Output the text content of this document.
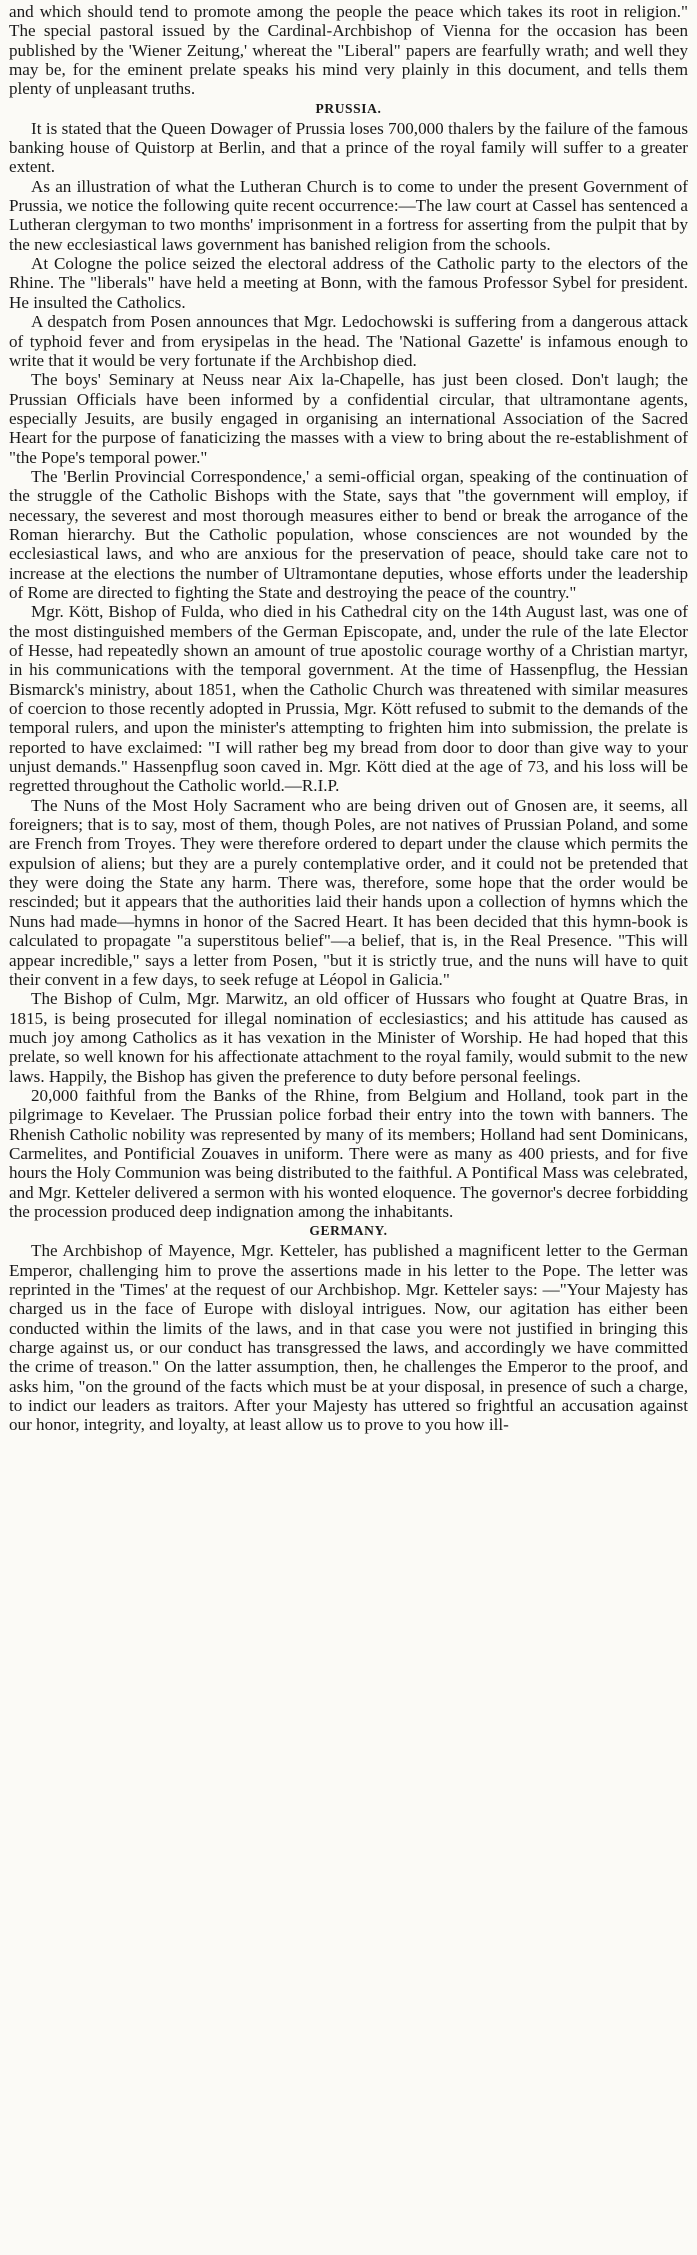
and which should tend to promote among the people the peace which takes its root in religion." The special pastoral issued by the Cardinal-Archbishop of Vienna for the occasion has been published by the 'Wiener Zeitung,' whereat the "Liberal" papers are fearfully wrath; and well they may be, for the eminent prelate speaks his mind very plainly in this document, and tells them plenty of unpleasant truths.

PRUSSIA.

It is stated that the Queen Dowager of Prussia loses 700,000 thalers by the failure of the famous banking house of Quistorp at Berlin, and that a prince of the royal family will suffer to a greater extent.

As an illustration of what the Lutheran Church is to come to under the present Government of Prussia, we notice the following quite recent occurrence:—The law court at Cassel has sentenced a Lutheran clergyman to two months' imprisonment in a fortress for asserting from the pulpit that by the new ecclesiastical laws government has banished religion from the schools.

At Cologne the police seized the electoral address of the Catholic party to the electors of the Rhine. The "liberals" have held a meeting at Bonn, with the famous Professor Sybel for president. He insulted the Catholics.

A despatch from Posen announces that Mgr. Ledochowski is suffering from a dangerous attack of typhoid fever and from erysipelas in the head. The 'National Gazette' is infamous enough to write that it would be very fortunate if the Archbishop died.

The boys' Seminary at Neuss near Aix la-Chapelle, has just been closed. Don't laugh; the Prussian Officials have been informed by a confidential circular, that ultramontane agents, especially Jesuits, are busily engaged in organising an international Association of the Sacred Heart for the purpose of fanaticizing the masses with a view to bring about the re-establishment of "the Pope's temporal power."

The 'Berlin Provincial Correspondence,' a semi-official organ, speaking of the continuation of the struggle of the Catholic Bishops with the State, says that "the government will employ, if necessary, the severest and most thorough measures either to bend or break the arrogance of the Roman hierarchy. But the Catholic population, whose consciences are not wounded by the ecclesiastical laws, and who are anxious for the preservation of peace, should take care not to increase at the elections the number of Ultramontane deputies, whose efforts under the leadership of Rome are directed to fighting the State and destroying the peace of the country."

Mgr. Kött, Bishop of Fulda, who died in his Cathedral city on the 14th August last, was one of the most distinguished members of the German Episcopate, and, under the rule of the late Elector of Hesse, had repeatedly shown an amount of true apostolic courage worthy of a Christian martyr, in his communications with the temporal government. At the time of Hassenpflug, the Hessian Bismarck's ministry, about 1851, when the Catholic Church was threatened with similar measures of coercion to those recently adopted in Prussia, Mgr. Kött refused to submit to the demands of the temporal rulers, and upon the minister's attempting to frighten him into submission, the prelate is reported to have exclaimed: "I will rather beg my bread from door to door than give way to your unjust demands." Hassenpflug soon caved in. Mgr. Kött died at the age of 73, and his loss will be regretted throughout the Catholic world.—R.I.P.

The Nuns of the Most Holy Sacrament who are being driven out of Gnosen are, it seems, all foreigners; that is to say, most of them, though Poles, are not natives of Prussian Poland, and some are French from Troyes. They were therefore ordered to depart under the clause which permits the expulsion of aliens; but they are a purely contemplative order, and it could not be pretended that they were doing the State any harm. There was, therefore, some hope that the order would be rescinded; but it appears that the authorities laid their hands upon a collection of hymns which the Nuns had made—hymns in honor of the Sacred Heart. It has been decided that this hymn-book is calculated to propagate "a superstitous belief"—a belief, that is, in the Real Presence. "This will appear incredible," says a letter from Posen, "but it is strictly true, and the nuns will have to quit their convent in a few days, to seek refuge at Léopol in Galicia."

The Bishop of Culm, Mgr. Marwitz, an old officer of Hussars who fought at Quatre Bras, in 1815, is being prosecuted for illegal nomination of ecclesiastics; and his attitude has caused as much joy among Catholics as it has vexation in the Minister of Worship. He had hoped that this prelate, so well known for his affectionate attachment to the royal family, would submit to the new laws. Happily, the Bishop has given the preference to duty before personal feelings.

20,000 faithful from the Banks of the Rhine, from Belgium and Holland, took part in the pilgrimage to Kevelaer. The Prussian police forbad their entry into the town with banners. The Rhenish Catholic nobility was represented by many of its members; Holland had sent Dominicans, Carmelites, and Pontificial Zouaves in uniform. There were as many as 400 priests, and for five hours the Holy Communion was being distributed to the faithful. A Pontifical Mass was celebrated, and Mgr. Ketteler delivered a sermon with his wonted eloquence. The governor's decree forbidding the procession produced deep indignation among the inhabitants.

GERMANY.

The Archbishop of Mayence, Mgr. Ketteler, has published a magnificent letter to the German Emperor, challenging him to prove the assertions made in his letter to the Pope. The letter was reprinted in the 'Times' at the request of our Archbishop. Mgr. Ketteler says: —"Your Majesty has charged us in the face of Europe with disloyal intrigues. Now, our agitation has either been conducted within the limits of the laws, and in that case you were not justified in bringing this charge against us, or our conduct has transgressed the laws, and accordingly we have committed the crime of treason." On the latter assumption, then, he challenges the Emperor to the proof, and asks him, "on the ground of the facts which must be at your disposal, in presence of such a charge, to indict our leaders as traitors. After your Majesty has uttered so frightful an accusation against our honor, integrity, and loyalty, at least allow us to prove to you how ill-
